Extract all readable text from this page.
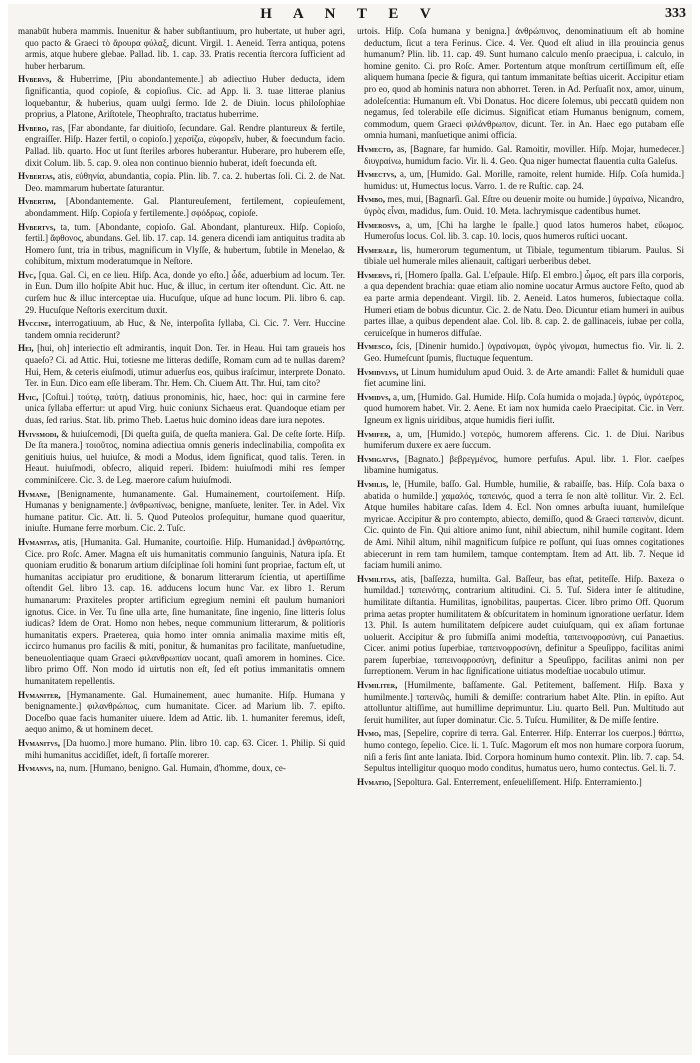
H A N T E V	333

manabūt hubera mammis. Inuenitur & haber subſtantiuum, pro hubertate, ut huber agri, quo pacto & Graeci τὸ ἄρουρα φύλαξ, dicunt. Virgil. 1. Aeneid. Terra antiqua, potens armis, atque hubere glebae. Pallad. lib. 1. cap. 33. Pratis recentia ſtercora ſufficient ad huber herbarum.

Hvbervs, & Huberrime, [Piu abondantemente.] ab adiectiuo Huber deducta, idem ſignificantia, quod copioſe, & copioſius. Cic. ad App. li. 3. tuae litterae planius loquebantur, & huberius, quam uulgi ſermo. Ide 2. de Diuin. locus philoſophiae proprius, a Platone, Ariſtotele, Theophraſto, tractatus huberrime.

Hvbero, ras, [Far abondante, far diuitioſo, ſecundare. Gal. Rendre plantureux & fertile, engraiſſer. Hiſp. Hazer fertil, o copioſo.] χερσίζω, εὐφορεῖν, huber, & foecundum facio. Pallad. lib. quarto. Hoc ut ſunt ſteriles arbores huberantur. Huberare, pro huberem eſſe, dixit Colum. lib. 5. cap. 9. olea non continuo biennio huberat, ideſt foecunda eſt.

Hvbertas, atis, εὐθηνία, abundantia, copia. Plin. lib. 7. ca. 2. hubertas ſoli. Ci. 2. de Nat. Deo. mammarum hubertate ſaturantur.

Hvbertim, [Abondantemente. Gal. Plantureuſement, fertilement, copieuſement, abondamment. Hiſp. Copioſa y fertilemente.] σφόδρως, copioſe.

Hvbertvs, ta, tum. [Abondante, copioſo. Gal. Abondant, plantureux. Hiſp. Copioſo, fertil.] ἄφθονος, abundans. Gel. lib. 17. cap. 14. genera dicendi iam antiquitus tradita ab Homero ſunt, tria in tribus, magniſicum in Vlyſſe, & hubertum, ſubtile in Menelao, & cohibitum, mixtum moderatumque in Neſtore.

Hvc, [qua. Gal. Ci, en ce lieu. Hiſp. Aca, donde yo eſto.] ὧδε, aduerbium ad locum. Ter. in Eun. Dum illo hoſpite Abit huc. Huc, & illuc, in certum iter oſtendunt. Cic. Att. ne curſem huc & illuc interceptae uia. Hucuſque, uſque ad hunc locum. Pli. libro 6. cap. 29. Hucuſque Neſtoris exercitum duxit.

Hvccine, interrogatiuum, ab Huc, & Ne, interpoſita ſyllaba, Ci. Cic. 7. Verr. Huccine tandem omnia reciderunt?

Hei, [hui, oh] interiectio eſt admirantis, inquit Don. Ter. in Heau. Hui tam graueis hos quaeſo? Ci. ad Attic. Hui, totiesne me litteras dediſſe, Romam cum ad te nullas darem? Hui, Hem, & ceteris eiuſmodi, utimur aduerſus eos, quibus iraſcimur, interprete Donato. Ter. in Eun. Dico eam eſſe liberam. Thr. Hem. Ch. Ciuem Att. Thr. Hui, tam cito?

Hvic, [Coſtui.] τούτῳ, ταύτῃ, datiuus pronominis, hic, haec, hoc: qui in carmine fere unica ſyllaba effertur: ut apud Virg. huic coniunx Sichaeus erat. Quandoque etiam per duas, ſed rarius. Stat. lib. primo Theb. Laetus huic domino ideas dare iura nepotes.

Hvivsmodi, & huiuſcemodi, [Di queſta guiſa, de queſta maniera. Gal. De ceſte ſorte. Hiſp. De ſta manera.] τοιοῦτος, nomina adiectiua omnis generis indeclinabilia, compoſita ex genitiuis huius, uel huiuſce, & modi a Modus, idem ſignificat, quod talis. Teren. in Heaut. huiuſmodi, obſecro, aliquid reperi. Ibidem: huiuſmodi mihi res ſemper comminiſcere. Cic. 3. de Leg. maerore caſum huiuſmodi.

Hvmane, [Benignamente, humanamente. Gal. Humainement, courtoiſement. Hiſp. Humanas y benignamente.] ἀνθρωπίνως, benigne, manſuete, leniter. Ter. in Adel. Vix humane patitur. Cic. Att. li. 5. Quod Puteolos proſequitur, humane quod quaeritur, iniuſte. Humane ferre morbum. Cic. 2. Tuſc.

Hvmanitas, atis, [Humanita. Gal. Humanite, courtoiſie. Hiſp. Humanidad.] ἀνθρωπότης. Cice. pro Roſc. Amer. Magna eſt uis humanitatis communio ſanguinis, Natura ipſa. Et quoniam eruditio & bonarum artium diſciplinae ſoli homini ſunt propriae, factum eſt, ut humanitas accipiatur pro eruditione, & bonarum litterarum ſcientia, ut apertiſſime oſtendit Gel. libro 13. cap. 16. adducens locum hunc Var. ex libro 1. Rerum humanarum: Praxiteles propter artificium egregium nemini eſt paulum humaniori ignotus. Cice. in Ver. Tu ſine ulla arte, ſine humanitate, ſine ingenio, ſine litteris ſolus iudicas? Idem de Orat. Homo non hebes, neque communium litterarum, & politioris humanitatis expers. Praeterea, quia homo inter omnia animalia maxime mitis eſt, iccirco humanus pro facilis & miti, ponitur, & humanitas pro facilitate, manſuetudine, beneuolentiaque quam Graeci φιλανθρωπίαν uocant, quaſi amorem in homines. Cice. libro primo Off. Non modo id uirtutis non eſt, ſed eſt potius immanitatis omnem humanitatem repellentis.

Hvmaniter, [Hymanamente. Gal. Humainement, auec humanite. Hiſp. Humana y benignamente.] φιλανθρώπως, cum humanitate. Cicer. ad Marium lib. 7. epiſto. Doceſbo quae facis humaniter uiuere. Idem ad Attic. lib. 1. humaniter feremus, ideſt, aequo animo, & ut hominem decet.

Hvmanitvs, [Da huomo.] more humano. Plin. libro 10. cap. 63. Cicer. 1. Philip. Si quid mihi humanitus accidiſſet, ideſt, ſi fortaſſe morerer.

Hvmanvs, na, num. [Humano, benigno. Gal. Humain, d'homme, doux, ce-

urtois. Hiſp. Coſa humana y benigna.] ἀνθρώπινος, denominatiuum eſt ab homine deductum, ſicut a tera Ferinus. Cice. 4. Ver. Quod eſt aliud in illa prouincia genus humanum? Plin. lib. 11. cap. 49. Sunt humano calculo menſo praecipua, i. calculo, in homine genito. Ci. pro Roſc. Amer. Portentum atque monſtrum certiſſimum eſt, eſſe aliquem humana ſpecie & figura, qui tantum immanitate beſtias uicerit. Accipitur etiam pro eo, quod ab hominis natura non abhorret. Teren. in Ad. Perſuaſit nox, amor, uinum, adoleſcentia: Humanum eſt. Vbi Donatus. Hoc dicere ſolemus, ubi peccatū quidem non negamus, ſed tolerabile eſſe dicimus. Significat etiam Humanus benignum, comem, commodum, quem Graeci φιλάνθρωπον, dicunt. Ter. in An. Haec ego putabam eſſe omnia humani, manſuetique animi officia.

Hvmecto, as, [Bagnare, far humido. Gal. Ramoitir, moviller. Hiſp. Mojar, humedecer.] διυγραίνω, humidum facio. Vir. li. 4. Geo. Qua niger humectat flauentia culta Galeſus.

Hvmectvs, a, um, [Humido. Gal. Morille, ramoite, relent humide. Hiſp. Coſa humida.] humidus: ut, Humectus locus. Varro. 1. de re Ruſtic. cap. 24.

Hvmbo, mes, mui, [Bagnarſi. Gal. Eſtre ou deuenir moite ou humide.] ὑγραίνω, Nicandro, ὑγρὸς εἶναι, madidus, ſum. Ouid. 10. Meta. lachrymisque cadentibus humet.

Hvmerosvs, a, um, [Chi ha larghe le ſpalle.] quod latos humeros habet, εὔωμος. Humeroſus locus. Col. lib. 3. cap. 10. locis, quos humeros ruſtici uocant.

Hvmerale, lis, humerorum tegumentum, ut Tibiale, tegumentum tibiarum. Paulus. Si tibiale uel humerale miles alienauit, caſtigari uerberibus debet.

Hvmervs, ri, [Homero ſpalla. Gal. L'eſpaule. Hiſp. El embro.] ὦμος, eſt pars illa corporis, a qua dependent brachia: quae etiam alio nomine uocatur Armus auctore Feſto, quod ab ea parte armia dependeant. Virgil. lib. 2. Aeneid. Latos humeros, ſubiectaque colla. Humeri etiam de bobus dicuntur. Cic. 2. de Natu. Deo. Dicuntur etiam humeri in auibus partes illae, a quibus dependent alae. Col. lib. 8. cap. 2. de gallinaceis, iubae per colla, ceruiceſque in humeros diffuſae.

Hvmesco, ſcis, [Dinenir humido.] ὑγραίνομαι, ὑγρὸς γίνομαι, humectus fio. Vir. li. 2. Geo. Humeſcunt ſpumis, fluctuque ſequentum.

Hvmidvlvs, ut Linum humidulum apud Ouid. 3. de Arte amandi: Fallet & humiduli quae fiet acumine lini.

Hvmidvs, a, um, [Humido. Gal. Humide. Hiſp. Coſa humida o mojada.] ὑγρός, ὑγρότερος, quod humorem habet. Vir. 2. Aene. Et iam nox humida caelo Praecipitat. Cic. in Verr. Igneum ex lignis uiridibus, atque humidis fieri iuſſit.

Hvmifer, a, um, [Humido.] νοτερός, humorem afferens. Cic. 1. de Diui. Naribus humiferum duxere ex aere ſuccum.

Hvmigatvs, [Bagnato.] βεβρεγμένος, humore perfuſus. Apul. libr. 1. Flor. caeſpes libamine humigatus.

Hvmilis, le, [Humile, baſſo. Gal. Humble, humilie, & rabaiſſe, bas. Hiſp. Coſa baxa o abatida o humilde.] χαμαλός, ταπεινός, quod a terra ſe non altè tollitur. Vir. 2. Ecl. Atque humiles habitare caſas. Idem 4. Ecl. Non omnes arbuſta iuuant, humileſque myricae. Accipitur & pro contempto, abiecto, demiſſo, quod & Graeci ταπεινὸν, dicunt. Cic. quinto de Fin. Qui altiore animo ſunt, nihil abiectum, nihil humile cogitant. Idem de Ami. Nihil altum, nihil magnificum ſuſpice re poſſunt, qui ſuas omnes cogitationes abiecerunt in rem tam humilem, tamque contemptam. Item ad Att. lib. 7. Neque id faciam humili animo.

Hvmilitas, atis, [baſſezza, humilta. Gal. Baſſeur, bas eſtat, petiteſſe. Hiſp. Baxeza o humildad.] ταπεινότης, contrarium altitudini. Ci. 5. Tuſ. Sidera inter ſe altitudine, humilitate diſtantia. Humilitas, ignobilitas, paupertas. Cicer. libro primo Off. Quorum prima aetas propter humilitatem & obſcuritatem in hominum ignoratione uerſatur. Idem 13. Phil. Is autem humilitatem deſpicere audet cuiuſquam, qui ex aſiam fortunae uoluerit. Accipitur & pro ſubmiſſa animi modeſtia, ταπεινοφροσύνη, cui Panaetius. Cicer. animi potius ſuperbiae, ταπεινοφροσύνη, definitur a Speuſippo, facilitas animi parem ſuperbiae, ταπεινοφροσύνη, definitur a Speuſippo, facilitas animi non per ſurreptionem. Verum in hac ſignificatione uitiatus modeſtiae uocabulo utimur.

Hvmiliter, [Humilmente, baſſamente. Gal. Petitement, baſſement. Hiſp. Baxa y humilmente.] ταπεινῶς, humili & demiſſe: contrarium habet Alte. Plin. in epiſto. Aut attolluntur altiſſime, aut humillime deprimuntur. Liu. quarto Bell. Pun. Multitudo aut ſeruit humiliter, aut ſuper dominatur. Cic. 5. Tuſcu. Humiliter, & De miſſe ſentire.

Hvmo, mas, [Sepelire, coprire di terra. Gal. Enterrer. Hiſp. Enterrar los cuerpos.] θάπτω, humo contego, ſepelio. Cice. li. 1. Tuſc. Magorum eſt mos non humare corpora ſuorum, niſi a feris ſint ante laniata. Ibid. Corpora hominum humo contexit. Plin. lib. 7. cap. 54. Sepultus intelligitur quoquo modo conditus, humatus uero, humo contectus. Gel. li. 7.

Hvmatio, [Sepoltura. Gal. Enterrement, enſeueliſſement. Hiſp. Enterramiento.]
